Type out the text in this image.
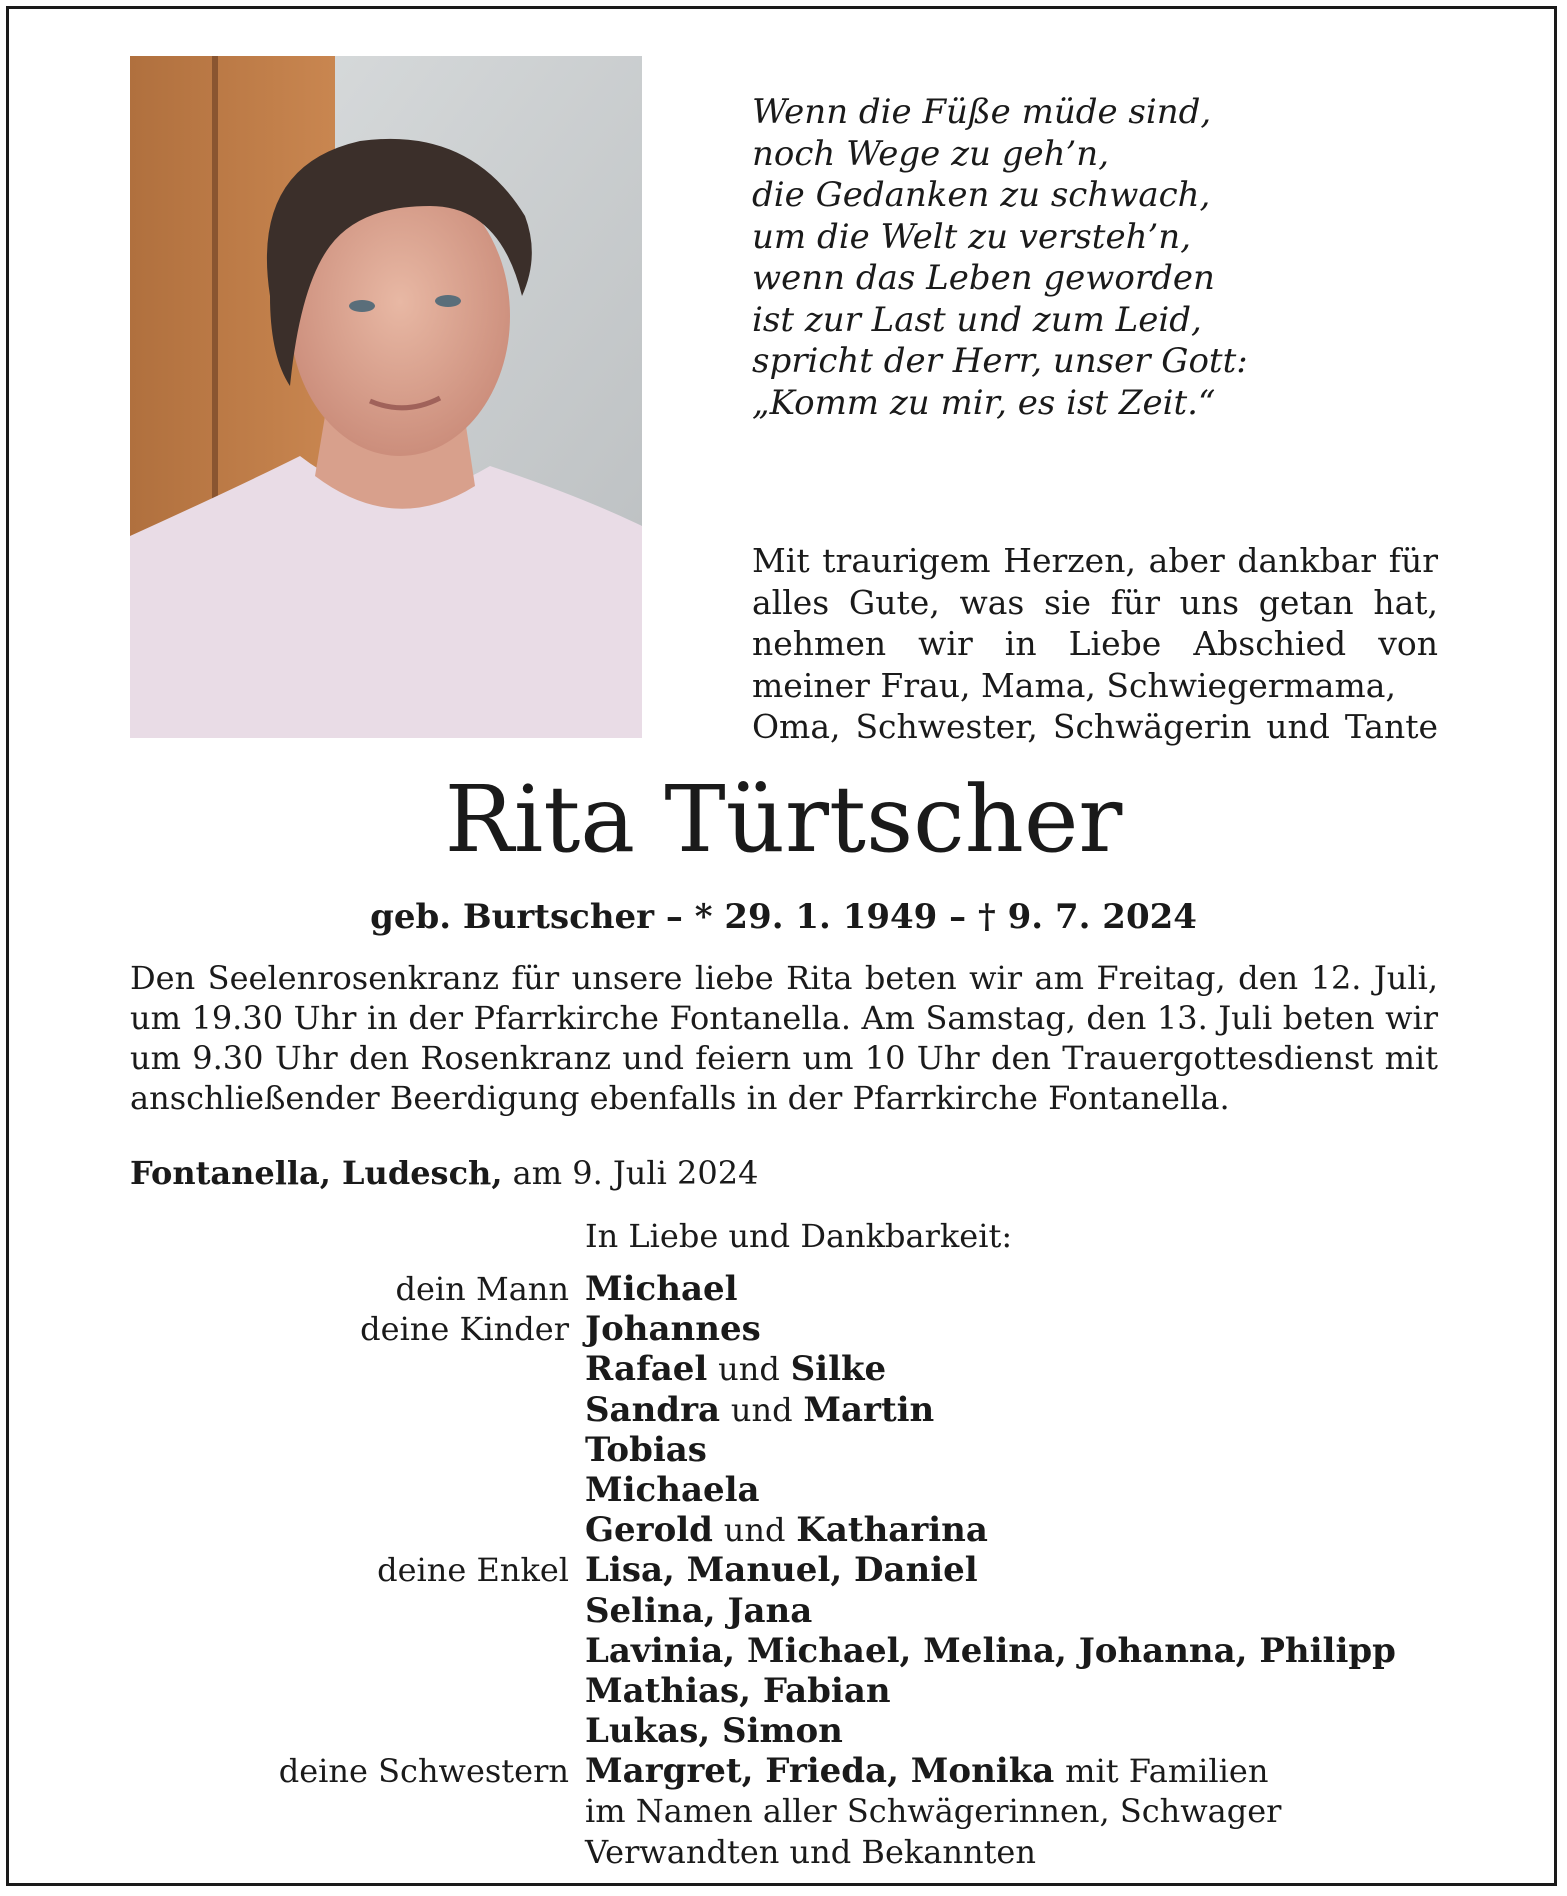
Wenn die Füße müde sind,
noch Wege zu geh’n,
die Gedanken zu schwach,
um die Welt zu versteh’n,
wenn das Leben geworden
ist zur Last und zum Leid,
spricht der Herr, unser Gott:
„Komm zu mir, es ist Zeit.“
Mit traurigem Herzen, aber dankbar für alles Gute, was sie für uns getan hat, nehmen wir in Liebe Abschied von meiner Frau, Mama, Schwiegermama,
Oma, Schwester, Schwägerin und Tante
Rita Türtscher
geb. Burtscher – * 29. 1. 1949 – † 9. 7. 2024
Den Seelenrosenkranz für unsere liebe Rita beten wir am Freitag, den 12. Juli, um 19.30 Uhr in der Pfarrkirche Fontanella. Am Samstag, den 13. Juli beten wir um 9.30 Uhr den Rosenkranz und feiern um 10 Uhr den Trauergottesdienst mit anschließender Beerdigung ebenfalls in der Pfarrkirche Fontanella.
Fontanella, Ludesch, am 9. Juli 2024
In Liebe und Dankbarkeit:
dein Mann Michael
deine Kinder Johannes
Rafael und Silke
Sandra und Martin
Tobias
Michaela
Gerold und Katharina
deine Enkel Lisa, Manuel, Daniel
Selina, Jana
Lavinia, Michael, Melina, Johanna, Philipp
Mathias, Fabian
Lukas, Simon
deine Schwestern Margret, Frieda, Monika mit Familien
im Namen aller Schwägerinnen, Schwager
Verwandten und Bekannten
